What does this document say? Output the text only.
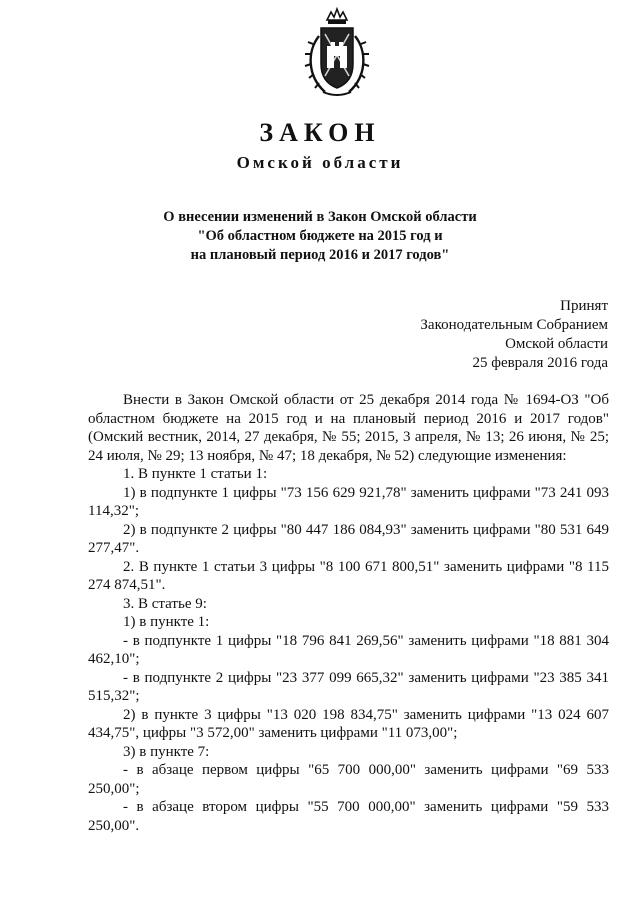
ЗАКОН
Омской области
О внесении изменений в Закон Омской области
"Об областном бюджете на 2015 год и
на плановый период 2016 и 2017 годов"
Принят
Законодательным Собранием
Омской области
25 февраля 2016 года

Внести в Закон Омской области от 25 декабря 2014 года № 1694-ОЗ "Об областном бюджете на 2015 год и на плановый период 2016 и 2017 годов" (Омский вестник, 2014, 27 декабря, № 55; 2015, 3 апреля, № 13; 26 июня, № 25; 24 июля, № 29; 13 ноября, № 47; 18 декабря, № 52) следующие изменения:

1. В пункте 1 статьи 1:

1) в подпункте 1 цифры "73 156 629 921,78" заменить цифрами "73 241 093 114,32";

2) в подпункте 2 цифры "80 447 186 084,93" заменить цифрами "80 531 649 277,47".

2. В пункте 1 статьи 3 цифры "8 100 671 800,51" заменить цифрами "8 115 274 874,51".

3. В статье 9:

1) в пункте 1:

- в подпункте 1 цифры "18 796 841 269,56" заменить цифрами "18 881 304 462,10";

- в подпункте 2 цифры "23 377 099 665,32" заменить цифрами "23 385 341 515,32";

2) в пункте 3 цифры "13 020 198 834,75" заменить цифрами "13 024 607 434,75", цифры "3 572,00" заменить цифрами "11 073,00";

3) в пункте 7:

- в абзаце первом цифры "65 700 000,00" заменить цифрами "69 533 250,00";

- в абзаце втором цифры "55 700 000,00" заменить цифрами "59 533 250,00".
